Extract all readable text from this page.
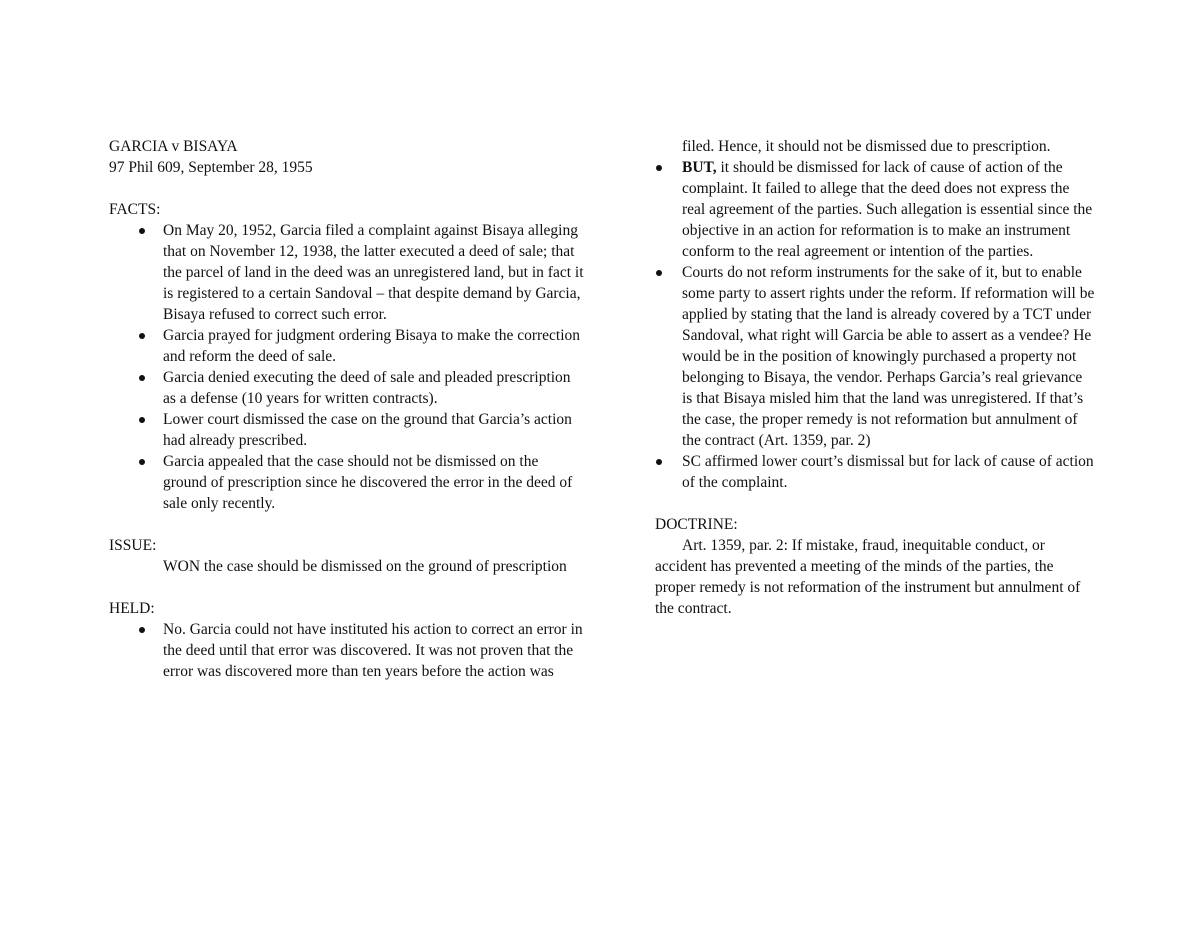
GARCIA v BISAYA

97 Phil 609, September 28, 1955

FACTS:

On May 20, 1952, Garcia filed a complaint against Bisaya alleging that on November 12, 1938, the latter executed a deed of sale; that the parcel of land in the deed was an unregistered land, but in fact it is registered to a certain Sandoval – that despite demand by Garcia, Bisaya refused to correct such error.
Garcia prayed for judgment ordering Bisaya to make the correction and reform the deed of sale.
Garcia denied executing the deed of sale and pleaded prescription as a defense (10 years for written contracts).
Lower court dismissed the case on the ground that Garcia’s action had already prescribed.
Garcia appealed that the case should not be dismissed on the ground of prescription since he discovered the error in the deed of sale only recently.

ISSUE:

WON the case should be dismissed on the ground of prescription

HELD:

No. Garcia could not have instituted his action to correct an error in the deed until that error was discovered. It was not proven that the error was discovered more than ten years before the action was

filed. Hence, it should not be dismissed due to prescription.

BUT, it should be dismissed for lack of cause of action of the complaint. It failed to allege that the deed does not express the real agreement of the parties. Such allegation is essential since the objective in an action for reformation is to make an instrument conform to the real agreement or intention of the parties.
Courts do not reform instruments for the sake of it, but to enable some party to assert rights under the reform. If reformation will be applied by stating that the land is already covered by a TCT under Sandoval, what right will Garcia be able to assert as a vendee? He would be in the position of knowingly purchased a property not belonging to Bisaya, the vendor. Perhaps Garcia’s real grievance is that Bisaya misled him that the land was unregistered. If that’s the case, the proper remedy is not reformation but annulment of the contract (Art. 1359, par. 2)
SC affirmed lower court’s dismissal but for lack of cause of action of the complaint.

DOCTRINE:

Art. 1359, par. 2: If mistake, fraud, inequitable conduct, or accident has prevented a meeting of the minds of the parties, the proper remedy is not reformation of the instrument but annulment of the contract.
